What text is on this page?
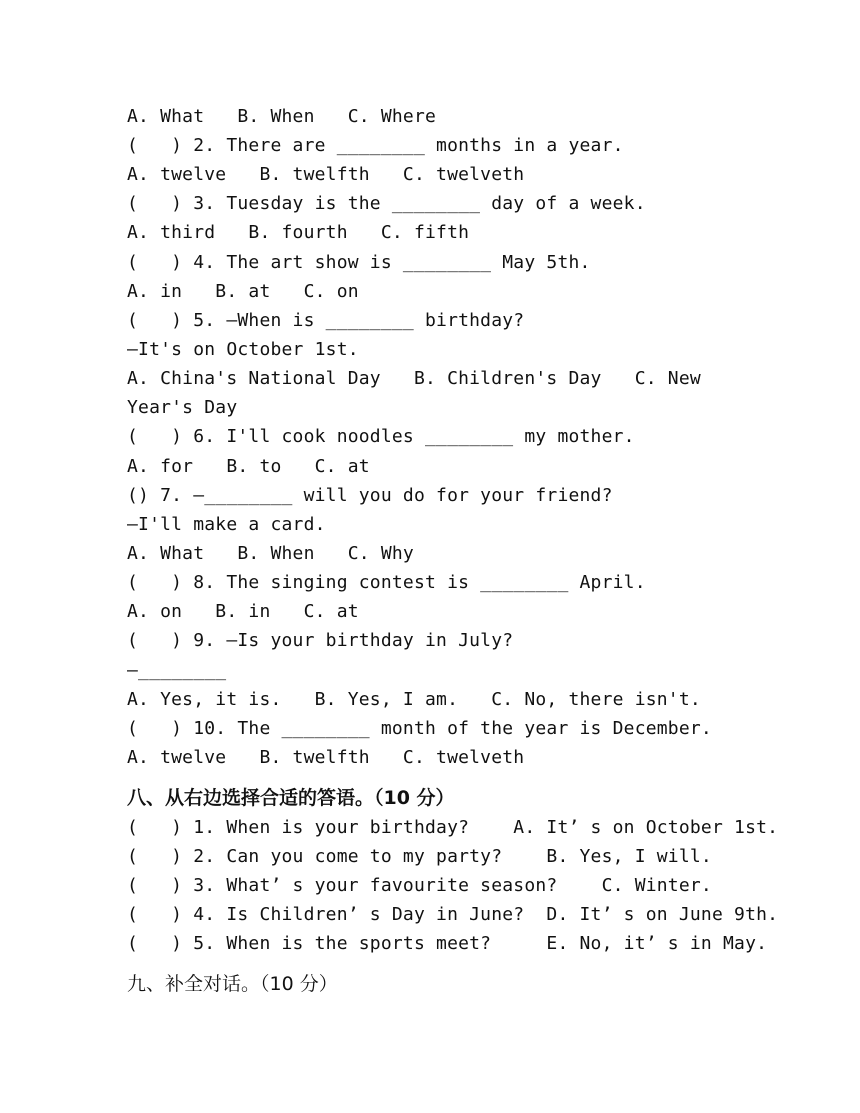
A. What   B. When   C. Where
(   ) 2. There are ________ months in a year.
A. twelve   B. twelfth   C. twelveth
(   ) 3. Tuesday is the ________ day of a week.
A. third   B. fourth   C. fifth
(   ) 4. The art show is ________ May 5th.
A. in   B. at   C. on
(   ) 5. —When is ________ birthday?
—It's on October 1st.
A. China's National Day   B. Children's Day   C. New
Year's Day
(   ) 6. I'll cook noodles ________ my mother.
A. for   B. to   C. at
() 7. —________ will you do for your friend?
—I'll make a card.
A. What   B. When   C. Why
(   ) 8. The singing contest is ________ April.
A. on   B. in   C. at
(   ) 9. —Is your birthday in July?
—________
A. Yes, it is.   B. Yes, I am.   C. No, there isn't.
(   ) 10. The ________ month of the year is December.
A. twelve   B. twelfth   C. twelveth
八、从右边选择合适的答语。（10 分）
(   ) 1. When is your birthday?    A. It’ s on October 1st.
(   ) 2. Can you come to my party?    B. Yes, I will.
(   ) 3. What’ s your favourite season?    C. Winter.
(   ) 4. Is Children’ s Day in June?  D. It’ s on June 9th.
(   ) 5. When is the sports meet?     E. No, it’ s in May.
九、补全对话。（10 分）
